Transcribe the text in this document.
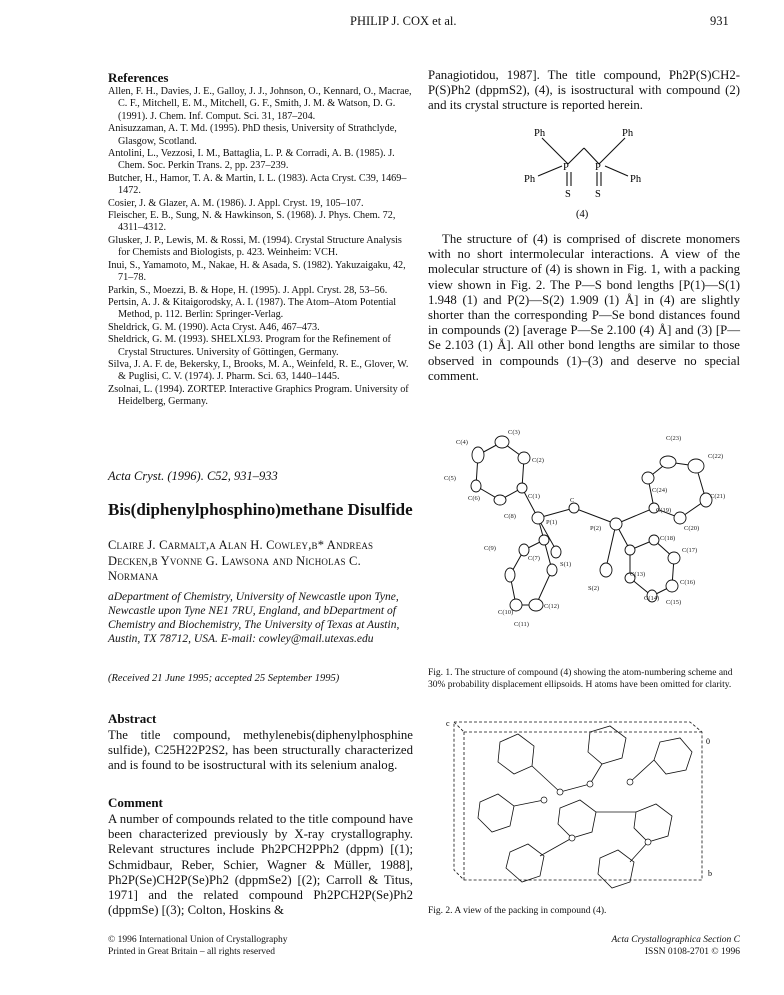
PHILIP J. COX et al.	931
References
Allen, F. H., Davies, J. E., Galloy, J. J., Johnson, O., Kennard, O., Macrae, C. F., Mitchell, E. M., Mitchell, G. F., Smith, J. M. & Watson, D. G. (1991). J. Chem. Inf. Comput. Sci. 31, 187–204.
Anisuzzaman, A. T. Md. (1995). PhD thesis, University of Strathclyde, Glasgow, Scotland.
Antolini, L., Vezzosi, I. M., Battaglia, L. P. & Corradi, A. B. (1985). J. Chem. Soc. Perkin Trans. 2, pp. 237–239.
Butcher, H., Hamor, T. A. & Martin, I. L. (1983). Acta Cryst. C39, 1469–1472.
Cosier, J. & Glazer, A. M. (1986). J. Appl. Cryst. 19, 105–107.
Fleischer, E. B., Sung, N. & Hawkinson, S. (1968). J. Phys. Chem. 72, 4311–4312.
Glusker, J. P., Lewis, M. & Rossi, M. (1994). Crystal Structure Analysis for Chemists and Biologists, p. 423. Weinheim: VCH.
Inui, S., Yamamoto, M., Nakae, H. & Asada, S. (1982). Yakuzaigaku, 42, 71–78.
Parkin, S., Moezzi, B. & Hope, H. (1995). J. Appl. Cryst. 28, 53–56.
Pertsin, A. J. & Kitaigorodsky, A. I. (1987). The Atom–Atom Potential Method, p. 112. Berlin: Springer-Verlag.
Sheldrick, G. M. (1990). Acta Cryst. A46, 467–473.
Sheldrick, G. M. (1993). SHELXL93. Program for the Refinement of Crystal Structures. University of Göttingen, Germany.
Silva, J. A. F. de, Bekersky, I., Brooks, M. A., Weinfeld, R. E., Glover, W. & Puglisi, C. V. (1974). J. Pharm. Sci. 63, 1440–1445.
Zsolnai, L. (1994). ZORTEP. Interactive Graphics Program. University of Heidelberg, Germany.
Acta Cryst. (1996). C52, 931–933
Bis(diphenylphosphino)methane Disulfide
Claire J. Carmalt,a Alan H. Cowley,b* Andreas
Decken,b Yvonne G. Lawsona and Nicholas C.
Normana
aDepartment of Chemistry, University of Newcastle upon Tyne, Newcastle upon Tyne NE1 7RU, England, and bDepartment of Chemistry and Biochemistry, The University of Texas at Austin, Austin, TX 78712, USA. E-mail: cowley@mail.utexas.edu
(Received 21 June 1995; accepted 25 September 1995)
Abstract
The title compound, methylenebis(diphenylphosphine sulfide), C25H22P2S2, has been structurally characterized and is found to be isostructural with its selenium analog.
Comment
A number of compounds related to the title compound have been characterized previously by X-ray crystallography. Relevant structures include Ph2PCH2PPh2 (dppm) [(1); Schmidbaur, Reber, Schier, Wagner & Müller, 1988], Ph2P(Se)CH2P(Se)Ph2 (dppmSe2) [(2); Carroll & Titus, 1971] and the related compound Ph2PCH2P(Se)Ph2 (dppmSe) [(3); Colton, Hoskins &
Panagiotidou, 1987]. The title compound, Ph2P(S)CH2-P(S)Ph2 (dppmS2), (4), is isostructural with compound (2) and its crystal structure is reported herein.
Ph	Ph
P P
Ph	Ph
S S
(4)
The structure of (4) is comprised of discrete monomers with no short intermolecular interactions. A view of the molecular structure of (4) is shown in Fig. 1, with a packing view shown in Fig. 2. The P—S bond lengths [P(1)—S(1) 1.948 (1) and P(2)—S(2) 1.909 (1) Å] in (4) are slightly shorter than the corresponding P—Se bond distances found in compounds (2) [average P—Se 2.100 (4) Å] and (3) [P—Se 2.103 (1) Å]. All other bond lengths are similar to those observed in compounds (1)–(3) and deserve no special comment.
C(23)
C(22)
C(24)
C(21)
C(19)
C(20)
C(18)
C(17)
C(13)
C(16)
C(14)
C(15)
C(4)
C(3)
C(2)
C(5)
C(1)
C(6)
C(8)
C(9)
C(7)
C(10)
C(12)
C(11)
P(1)
P(2)
S(1)
S(2)
C
Fig. 1. The structure of compound (4) showing the atom-numbering scheme and 30% probability displacement ellipsoids. H atoms have been omitted for clarity.
c
0
b
Fig. 2. A view of the packing in compound (4).
© 1996 International Union of Crystallography
Printed in Great Britain – all rights reserved
Acta Crystallographica Section C
ISSN 0108-2701 © 1996
